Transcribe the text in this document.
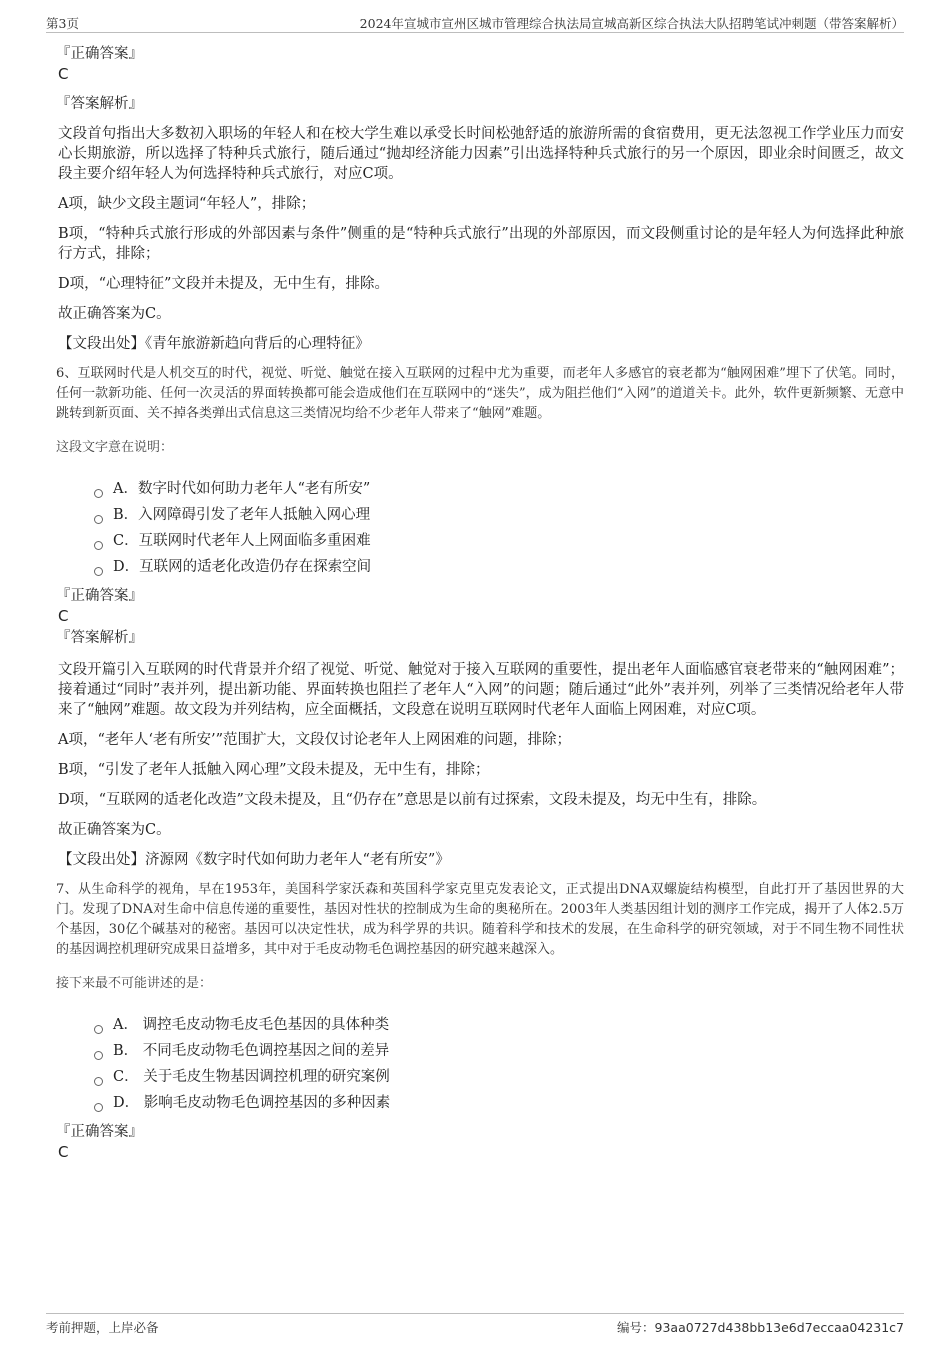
第3页	2024年宣城市宣州区城市管理综合执法局宣城高新区综合执法大队招聘笔试冲刺题（带答案解析）
『正确答案』
C
『答案解析』

文段首句指出大多数初入职场的年轻人和在校大学生难以承受长时间松弛舒适的旅游所需的食宿费用，更无法忽视工作学业压力而安心长期旅游，所以选择了特种兵式旅行，随后通过“抛却经济能力因素”引出选择特种兵式旅行的另一个原因，即业余时间匮乏，故文段主要介绍年轻人为何选择特种兵式旅行，对应C项。

A项，缺少文段主题词“年轻人”，排除；

B项，“特种兵式旅行形成的外部因素与条件”侧重的是“特种兵式旅行”出现的外部原因，而文段侧重讨论的是年轻人为何选择此种旅行方式，排除；

D项，“心理特征”文段并未提及，无中生有，排除。

故正确答案为C。

【文段出处】《青年旅游新趋向背后的心理特征》

6、互联网时代是人机交互的时代，视觉、听觉、触觉在接入互联网的过程中尤为重要，而老年人多感官的衰老都为“触网困难”埋下了伏笔。同时，任何一款新功能、任何一次灵活的界面转换都可能会造成他们在互联网中的“迷失”，成为阻拦他们“入网”的道道关卡。此外，软件更新频繁、无意中跳转到新页面、关不掉各类弹出式信息这三类情况均给不少老年人带来了“触网”难题。

这段文字意在说明：
A．数字时代如何助力老年人“老有所安”
B．入网障碍引发了老年人抵触入网心理
C．互联网时代老年人上网面临多重困难
D．互联网的适老化改造仍存在探索空间
『正确答案』
C
『答案解析』

文段开篇引入互联网的时代背景并介绍了视觉、听觉、触觉对于接入互联网的重要性，提出老年人面临感官衰老带来的“触网困难”；接着通过“同时”表并列，提出新功能、界面转换也阻拦了老年人“入网”的问题；随后通过“此外”表并列，列举了三类情况给老年人带来了“触网”难题。故文段为并列结构，应全面概括，文段意在说明互联网时代老年人面临上网困难，对应C项。

A项，“老年人‘老有所安’”范围扩大，文段仅讨论老年人上网困难的问题，排除；

B项，“引发了老年人抵触入网心理”文段未提及，无中生有，排除；

D项，“互联网的适老化改造”文段未提及，且“仍存在”意思是以前有过探索，文段未提及，均无中生有，排除。

故正确答案为C。

【文段出处】济源网《数字时代如何助力老年人“老有所安”》

7、从生命科学的视角，早在1953年，美国科学家沃森和英国科学家克里克发表论文，正式提出DNA双螺旋结构模型，自此打开了基因世界的大门。发现了DNA对生命中信息传递的重要性，基因对性状的控制成为生命的奥秘所在。2003年人类基因组计划的测序工作完成，揭开了人体2.5万个基因，30亿个碱基对的秘密。基因可以决定性状，成为科学界的共识。随着科学和技术的发展，在生命科学的研究领域，对于不同生物不同性状的基因调控机理研究成果日益增多，其中对于毛皮动物毛色调控基因的研究越来越深入。

接下来最不可能讲述的是：
A． 调控毛皮动物毛皮毛色基因的具体种类
B． 不同毛皮动物毛色调控基因之间的差异
C． 关于毛皮生物基因调控机理的研究案例
D． 影响毛皮动物毛色调控基因的多种因素
『正确答案』
C
考前押题，上岸必备	编号：93aa0727d438bb13e6d7eccaa04231c7
